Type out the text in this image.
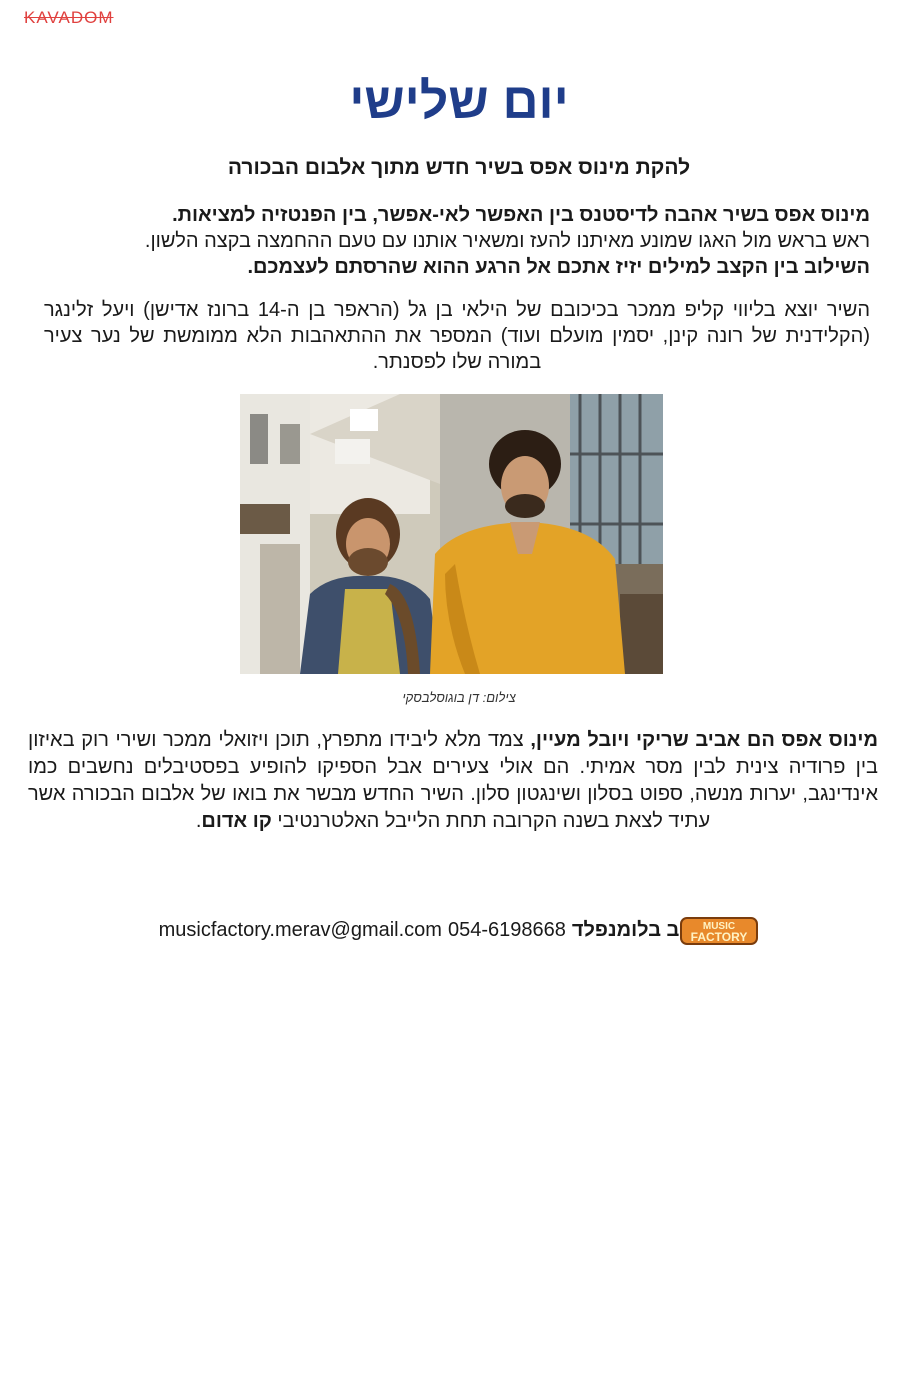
KAVADOM
יום שלישי
להקת מינוס אפס בשיר חדש מתוך אלבום הבכורה
מינוס אפס בשיר אהבה לדיסטנס בין האפשר לאי-אפשר, בין הפנטזיה למציאות.
ראש בראש מול האגו שמונע מאיתנו להעז ומשאיר אותנו עם טעם ההחמצה בקצה הלשון.
השילוב בין הקצב למילים יזיז אתכם אל הרגע ההוא שהרסתם לעצמכם.
השיר יוצא בליווי קליפ ממכר בכיכובם של הילאי בן גל (הראפר בן ה-14 ברונז אדישן) ויעל זלינגר (הקלידנית של רונה קינן, יסמין מועלם ועוד) המספר את ההתאהבות הלא ממומשת של נער צעיר במורה שלו לפסנתר.
צילום: דן בוגוסלבסקי
מינוס אפס הם אביב שריקי ויובל מעיין, צמד מלא ליבידו מתפרץ, תוכן ויזואלי ממכר ושירי רוק באיזון בין פרודיה צינית לבין מסר אמיתי. הם אולי צעירים אבל הספיקו להופיע בפסטיבלים נחשבים כמו אינדינגב, יערות מנשה, ספוט בסלון ושינגטון סלון. השיר החדש מבשר את בואו של אלבום הבכורה אשר עתיד לצאת בשנה הקרובה תחת הלייבל האלטרנטיבי קו אדום.
musicfactory.merav@gmail.com 054-6198668 ב בלומנפלד MUSIC
FACTORY
